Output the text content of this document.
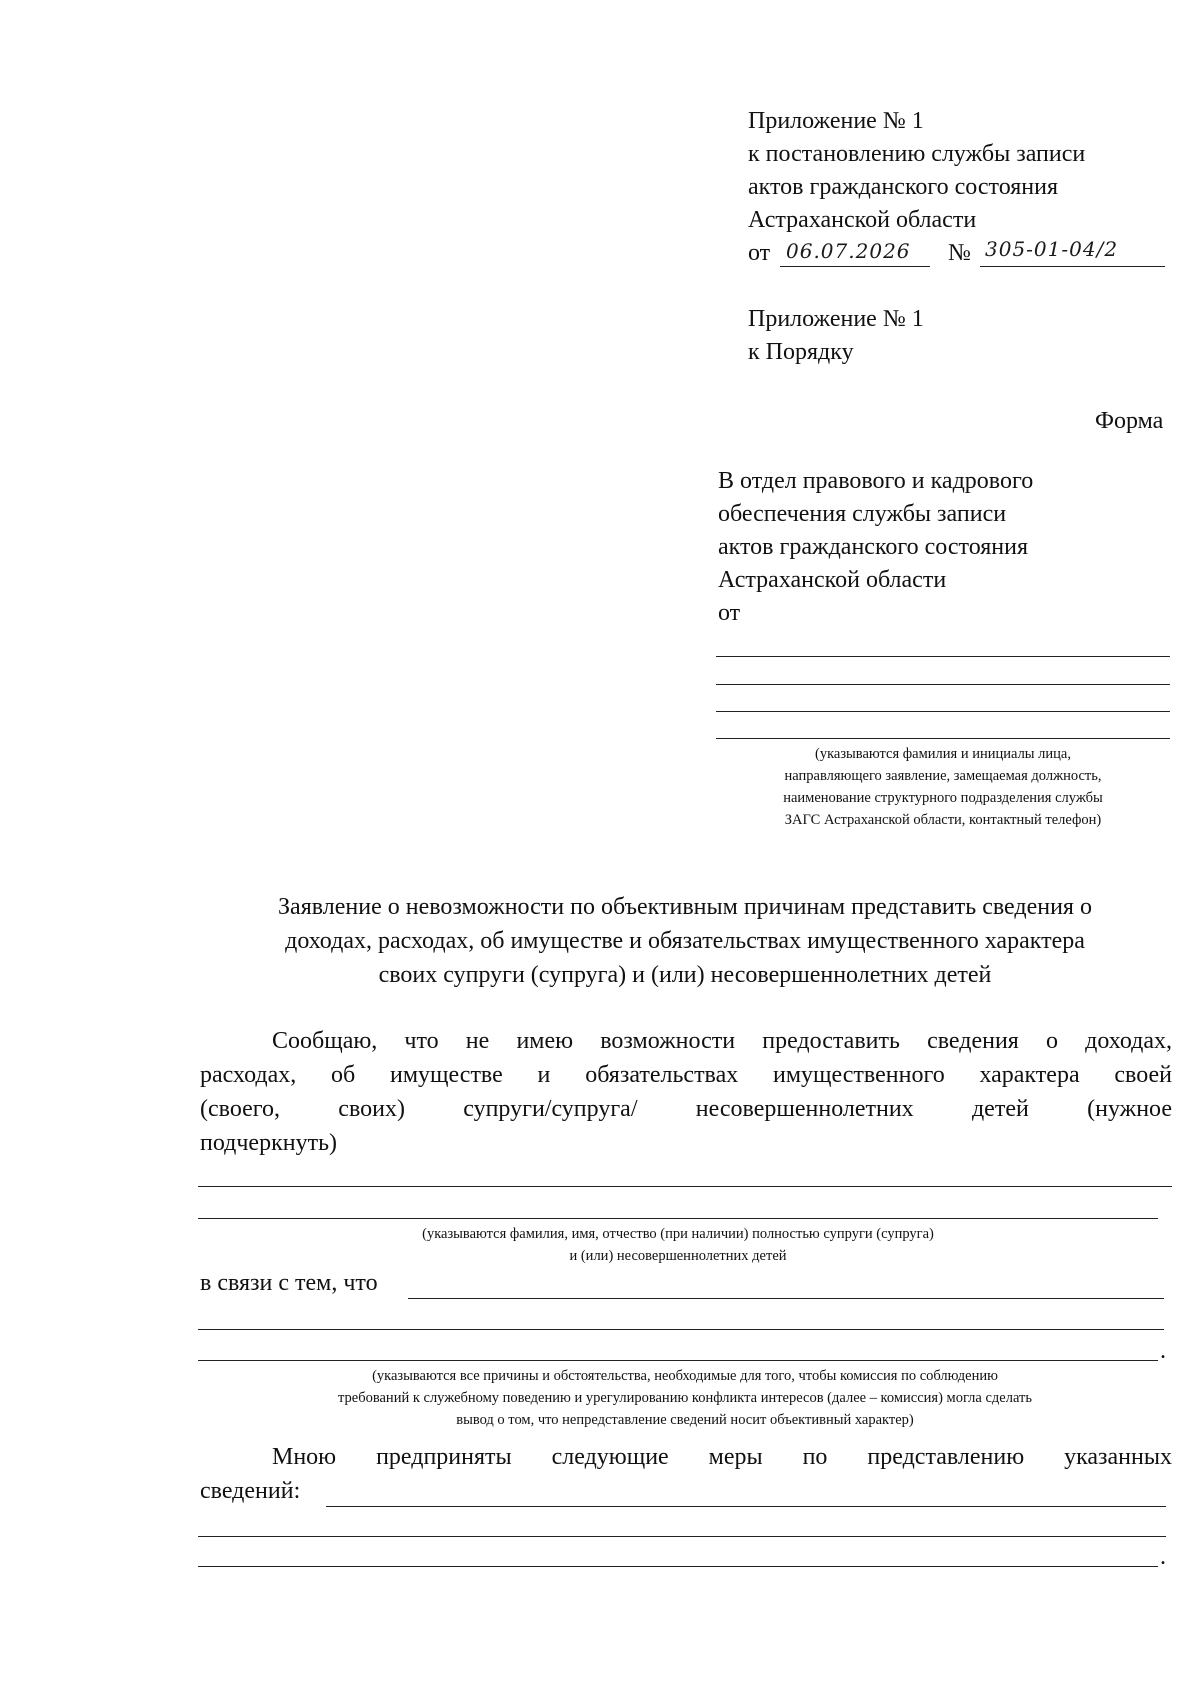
Приложение № 1
к постановлению службы записи
актов гражданского состояния
Астраханской области
от 06.07.2026 № 305-01-04/2
Приложение № 1
к Порядку
Форма
В отдел правового и кадрового
обеспечения службы записи
актов гражданского состояния
Астраханской области
от
(указываются фамилия и инициалы лица,
направляющего заявление, замещаемая должность,
наименование структурного подразделения службы
ЗАГС Астраханской области, контактный телефон)
Заявление о невозможности по объективным причинам представить сведения о
доходах, расходах, об имуществе и обязательствах имущественного характера
своих супруги (супруга) и (или) несовершеннолетних детей
Сообщаю, что не имею возможности предоставить сведения о доходах,
расходах, об имуществе и обязательствах имущественного характера своей
(своего, своих) супруги/супруга/ несовершеннолетних детей (нужное
подчеркнуть)
(указываются фамилия, имя, отчество (при наличии) полностью супруги (супруга)
и (или) несовершеннолетних детей
в связи с тем, что
.
(указываются все причины и обстоятельства, необходимые для того, чтобы комиссия по соблюдению
требований к служебному поведению и урегулированию конфликта интересов (далее – комиссия) могла сделать
вывод о том, что непредставление сведений носит объективный характер)
Мною предприняты следующие меры по представлению указанных
сведений:
.
